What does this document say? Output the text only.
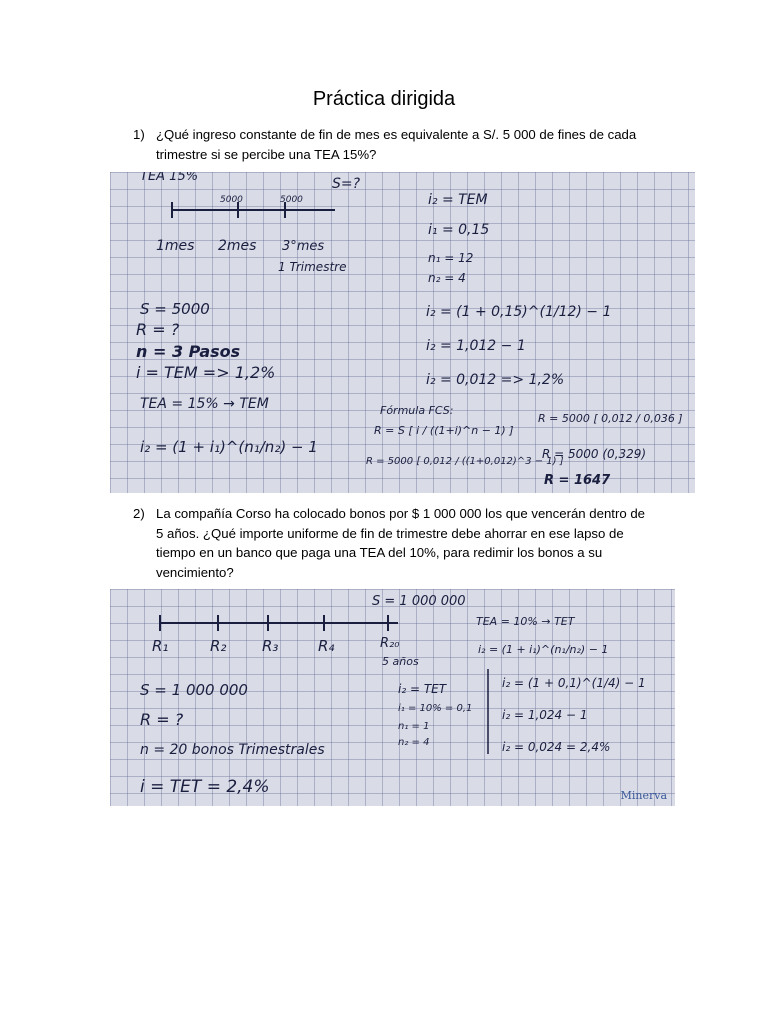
Práctica dirigida
1) ¿Qué ingreso constante de fin de mes es equivalente a S/. 5 000 de fines de cada trimestre si se percibe una TEA 15%?
TEA 15%	S=?
5000	5000
1mes 2mes 3°mes
1 Trimestre
S = 5000
R = ?
n = 3 Pasos
i = TEM => 1,2%
TEA = 15% → TEM
i₂ = (1 + i₁)^(n₁/n₂) − 1
i₂ = TEM
i₁ = 0,15
n₁ = 12
n₂ = 4
i₂ = (1 + 0,15)^(1/12) − 1
i₂ = 1,012 − 1
i₂ = 0,012 => 1,2%
Fórmula FCS:
R = S [ i / ((1+i)^n − 1) ]
R = 5000 [ 0,012 / ((1+0,012)^3 − 1) ]
R = 5000 [ 0,012 / 0,036 ]
R = 5000 (0,329)
R = 1647
2) La compañía Corso ha colocado bonos por $ 1 000 000 los que vencerán dentro de 5 años. ¿Qué importe uniforme de fin de trimestre debe ahorrar en ese lapso de tiempo en un banco que paga una TEA del 10%, para redimir los bonos a su vencimiento?
S = 1 000 000
R₁	R₂ R₃	R₄	R₂₀
5 años
S = 1 000 000
R = ?
n = 20 bonos Trimestrales
i = TET = 2,4%
i₂ = TET
i₁ = 10% = 0,1
n₁ = 1
n₂ = 4
TEA = 10% → TET
i₂ = (1 + i₁)^(n₁/n₂) − 1
i₂ = (1 + 0,1)^(1/4) − 1
i₂ = 1,024 − 1
i₂ = 0,024 = 2,4%
Minerva
